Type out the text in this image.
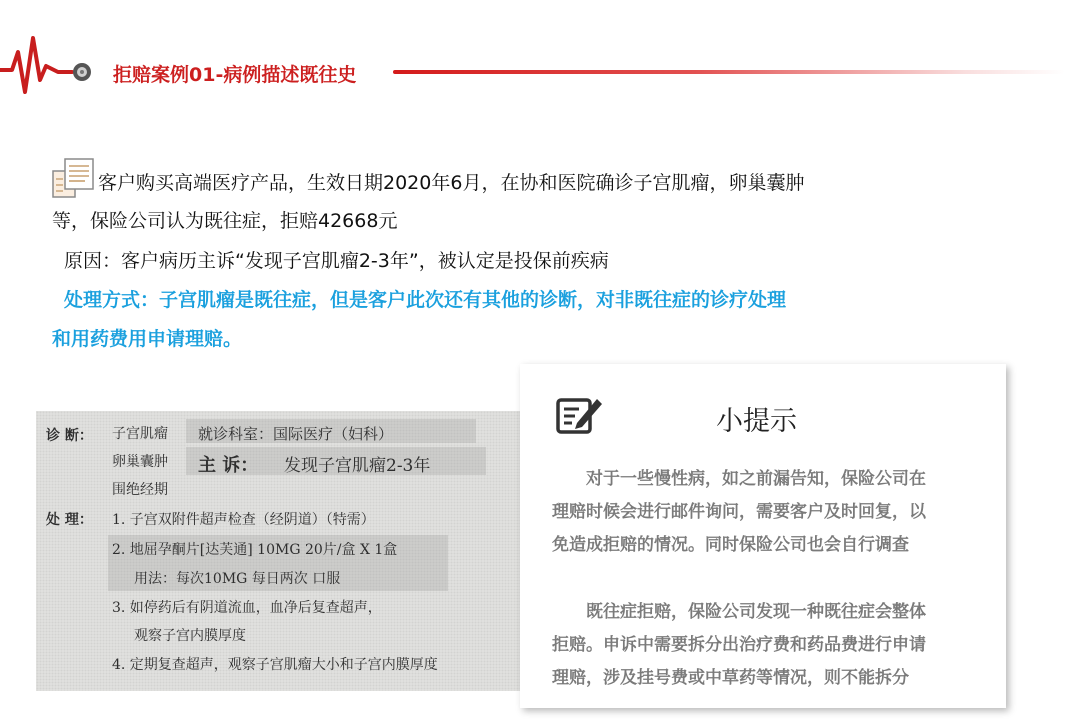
拒赔案例01-病例描述既往史
客户购买高端医疗产品，生效日期2020年6月，在协和医院确诊子宫肌瘤，卵巢囊肿
等，保险公司认为既往症，拒赔42668元
原因：客户病历主诉“发现子宫肌瘤2-3年”，被认定是投保前疾病
处理方式：子宫肌瘤是既往症，但是客户此次还有其他的诊断，对非既往症的诊疗处理
和用药费用申请理赔。
诊 断： 子宫肌瘤
卵巢囊肿
围绝经期
就诊科室：国际医疗（妇科）
主 诉： 发现子宫肌瘤2-3年
处 理： 1. 子宫双附件超声检查（经阴道）（特需）
2. 地屈孕酮片[达芙通] 10MG 20片/盒 X 1盒
用法：每次10MG 每日两次 口服
3. 如停药后有阴道流血，血净后复查超声，
观察子宫内膜厚度
4. 定期复查超声，观察子宫肌瘤大小和子宫内膜厚度
小提示
对于一些慢性病，如之前漏告知，保险公司在
理赔时候会进行邮件询问，需要客户及时回复，以
免造成拒赔的情况。同时保险公司也会自行调查
既往症拒赔，保险公司发现一种既往症会整体
拒赔。申诉中需要拆分出治疗费和药品费进行申请
理赔，涉及挂号费或中草药等情况，则不能拆分
